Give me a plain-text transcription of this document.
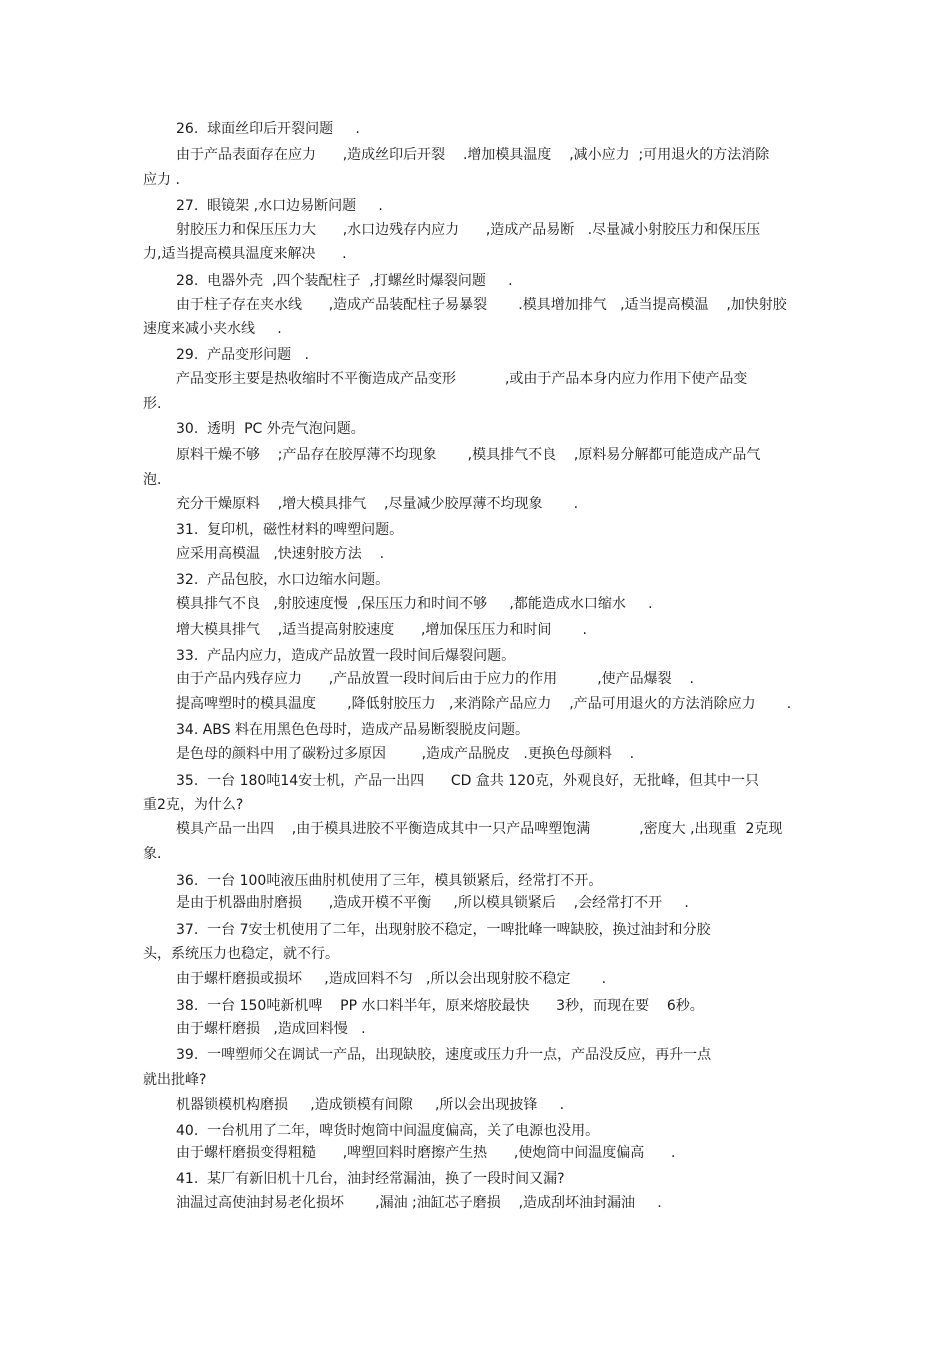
26.  球面丝印后开裂问题     .

由于产品表面存在应力      ,造成丝印后开裂    .增加模具温度    ,减小应力  ;可用退火的方法消除

应力 .

27.  眼镜架 ,水口边易断问题     .

射胶压力和保压压力大      ,水口边残存内应力      ,造成产品易断   .尽量减小射胶压力和保压压

力,适当提高模具温度来解决      .

28.  电器外壳  ,四个装配柱子  ,打螺丝时爆裂问题     .

由于柱子存在夹水线      ,造成产品装配柱子易暴裂       .模具增加排气   ,适当提高模温    ,加快射胶

速度来减小夹水线     .

29.  产品变形问题   .

产品变形主要是热收缩时不平衡造成产品变形           ,或由于产品本身内应力作用下使产品变

形.

30.  透明  PC 外壳气泡问题。

原料干燥不够    ;产品存在胶厚薄不均现象       ,模具排气不良    ,原料易分解都可能造成产品气

泡.

充分干燥原料    ,增大模具排气    ,尽量减少胶厚薄不均现象       .

31.  复印机，磁性材料的啤塑问题。

应采用高模温   ,快速射胶方法    .

32.  产品包胶，水口边缩水问题。

模具排气不良   ,射胶速度慢  ,保压压力和时间不够     ,都能造成水口缩水     .

增大模具排气    ,适当提高射胶速度      ,增加保压压力和时间       .

33.  产品内应力，造成产品放置一段时间后爆裂问题。

由于产品内残存应力      ,产品放置一段时间后由于应力的作用         ,使产品爆裂    .

提高啤塑时的模具温度       ,降低射胶压力   ,来消除产品应力    ,产品可用退火的方法消除应力       .

34. ABS 料在用黑色色母时，造成产品易断裂脱皮问题。

是色母的颜料中用了碳粉过多原因        ,造成产品脱皮   .更换色母颜料    .

35.  一台 180吨14安士机，产品一出四      CD 盒共 120克，外观良好，无批峰，但其中一只

重2克，为什么?

模具产品一出四    ,由于模具进胶不平衡造成其中一只产品啤塑饱满           ,密度大 ,出现重  2克现

象.

36.  一台 100吨液压曲肘机使用了三年，模具锁紧后，经常打不开。

是由于机器曲肘磨损      ,造成开模不平衡     ,所以模具锁紧后    ,会经常打不开     .

37.  一台 7安士机使用了二年，出现射胶不稳定，一啤批峰一啤缺胶，换过油封和分胶

头，系统压力也稳定，就不行。

由于螺杆磨损或损坏     ,造成回料不匀   ,所以会出现射胶不稳定       .

38.  一台 150吨新机啤    PP 水口料半年，原来熔胶最快      3秒，而现在要    6秒。

由于螺杆磨损   ,造成回料慢   .

39.  一啤塑师父在调试一产品，出现缺胶，速度或压力升一点，产品没反应，再升一点

就出批峰?

机器锁模机构磨损     ,造成锁模有间隙     ,所以会出现披锋     .

40.  一台机用了二年，啤货时炮筒中间温度偏高，关了电源也没用。

由于螺杆磨损变得粗糙      ,啤塑回料时磨擦产生热      ,使炮筒中间温度偏高      .

41.  某厂有新旧机十几台，油封经常漏油，换了一段时间又漏?

油温过高使油封易老化损坏       ,漏油 ;油缸芯子磨损    ,造成刮坏油封漏油     .
